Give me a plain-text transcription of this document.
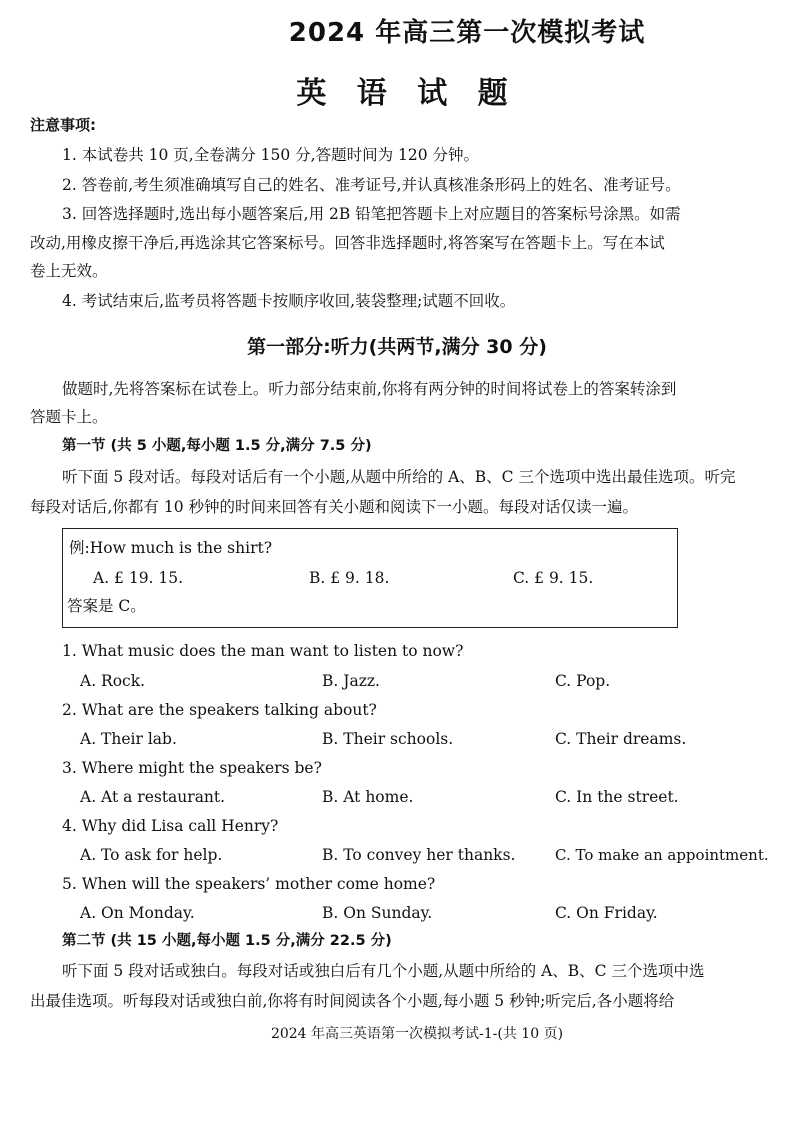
2024 年高三第一次模拟考试
英 语 试 题
注意事项:
1. 本试卷共 10 页,全卷满分 150 分,答题时间为 120 分钟。
2. 答卷前,考生须准确填写自己的姓名、准考证号,并认真核准条形码上的姓名、准考证号。
3. 回答选择题时,选出每小题答案后,用 2B 铅笔把答题卡上对应题目的答案标号涂黑。如需
改动,用橡皮擦干净后,再选涂其它答案标号。回答非选择题时,将答案写在答题卡上。写在本试
卷上无效。
4. 考试结束后,监考员将答题卡按顺序收回,装袋整理;试题不回收。
第一部分:听力(共两节,满分 30 分)
做题时,先将答案标在试卷上。听力部分结束前,你将有两分钟的时间将试卷上的答案转涂到
答题卡上。
第一节 (共 5 小题,每小题 1.5 分,满分 7.5 分)
听下面 5 段对话。每段对话后有一个小题,从题中所给的 A、B、C 三个选项中选出最佳选项。听完
每段对话后,你都有 10 秒钟的时间来回答有关小题和阅读下一小题。每段对话仅读一遍。
例:How much is the shirt?
A. £ 19. 15.	B. £ 9. 18.	C. £ 9. 15.
答案是 C。
1. What music does the man want to listen to now?
A. Rock.	B. Jazz.	C. Pop.
2. What are the speakers talking about?
A. Their lab.	B. Their schools.	C. Their dreams.
3. Where might the speakers be?
A. At a restaurant.	B. At home.	C. In the street.
4. Why did Lisa call Henry?
A. To ask for help.	B. To convey her thanks.	C. To make an appointment.
5. When will the speakers’ mother come home?
A. On Monday.	B. On Sunday.	C. On Friday.
第二节 (共 15 小题,每小题 1.5 分,满分 22.5 分)
听下面 5 段对话或独白。每段对话或独白后有几个小题,从题中所给的 A、B、C 三个选项中选
出最佳选项。听每段对话或独白前,你将有时间阅读各个小题,每小题 5 秒钟;听完后,各小题将给
2024 年高三英语第一次模拟考试-1-(共 10 页)
